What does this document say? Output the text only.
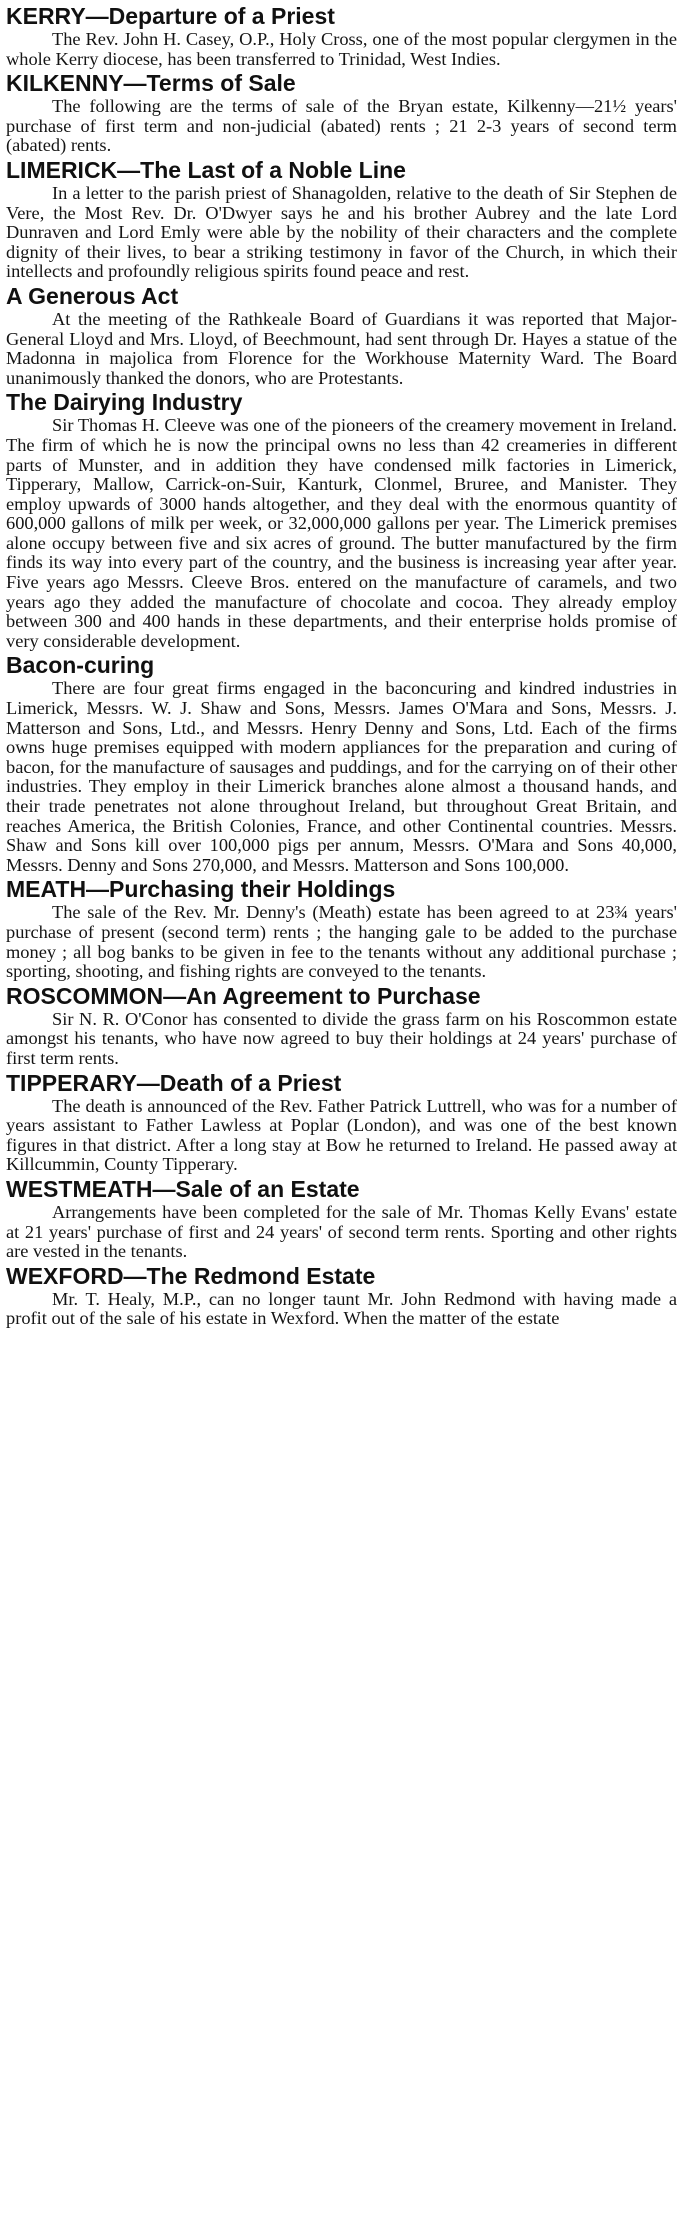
KERRY—Departure of a Priest

The Rev. John H. Casey, O.P., Holy Cross, one of the most popular clergymen in the whole Kerry diocese, has been transferred to Trinidad, West Indies.

KILKENNY—Terms of Sale

The following are the terms of sale of the Bryan estate, Kilkenny—21½ years' purchase of first term and non-judicial (abated) rents ; 21 2-3 years of second term (abated) rents.

LIMERICK—The Last of a Noble Line

In a letter to the parish priest of Shanagolden, relative to the death of Sir Stephen de Vere, the Most Rev. Dr. O'Dwyer says he and his brother Aubrey and the late Lord Dunraven and Lord Emly were able by the nobility of their characters and the complete dignity of their lives, to bear a striking testimony in favor of the Church, in which their intellects and profoundly religious spirits found peace and rest.

A Generous Act

At the meeting of the Rathkeale Board of Guardians it was reported that Major-General Lloyd and Mrs. Lloyd, of Beechmount, had sent through Dr. Hayes a statue of the Madonna in majolica from Florence for the Workhouse Maternity Ward. The Board unanimously thanked the donors, who are Protestants.

The Dairying Industry

Sir Thomas H. Cleeve was one of the pioneers of the creamery movement in Ireland. The firm of which he is now the principal owns no less than 42 creameries in different parts of Munster, and in addition they have condensed milk factories in Limerick, Tipperary, Mallow, Carrick-on-Suir, Kanturk, Clonmel, Bruree, and Manister. They employ upwards of 3000 hands altogether, and they deal with the enormous quantity of 600,000 gallons of milk per week, or 32,000,000 gallons per year. The Limerick premises alone occupy between five and six acres of ground. The butter manufactured by the firm finds its way into every part of the country, and the business is increasing year after year. Five years ago Messrs. Cleeve Bros. entered on the manufacture of caramels, and two years ago they added the manufacture of chocolate and cocoa. They already employ between 300 and 400 hands in these departments, and their enterprise holds promise of very considerable development.

Bacon-curing

There are four great firms engaged in the baconcuring and kindred industries in Limerick, Messrs. W. J. Shaw and Sons, Messrs. James O'Mara and Sons, Messrs. J. Matterson and Sons, Ltd., and Messrs. Henry Denny and Sons, Ltd. Each of the firms owns huge premises equipped with modern appliances for the preparation and curing of bacon, for the manufacture of sausages and puddings, and for the carrying on of their other industries. They employ in their Limerick branches alone almost a thousand hands, and their trade penetrates not alone throughout Ireland, but throughout Great Britain, and reaches America, the British Colonies, France, and other Continental countries. Messrs. Shaw and Sons kill over 100,000 pigs per annum, Messrs. O'Mara and Sons 40,000, Messrs. Denny and Sons 270,000, and Messrs. Matterson and Sons 100,000.

MEATH—Purchasing their Holdings

The sale of the Rev. Mr. Denny's (Meath) estate has been agreed to at 23¾ years' purchase of present (second term) rents ; the hanging gale to be added to the purchase money ; all bog banks to be given in fee to the tenants without any additional purchase ; sporting, shooting, and fishing rights are conveyed to the tenants.

ROSCOMMON—An Agreement to Purchase

Sir N. R. O'Conor has consented to divide the grass farm on his Roscommon estate amongst his tenants, who have now agreed to buy their holdings at 24 years' purchase of first term rents.

TIPPERARY—Death of a Priest

The death is announced of the Rev. Father Patrick Luttrell, who was for a number of years assistant to Father Lawless at Poplar (London), and was one of the best known figures in that district. After a long stay at Bow he returned to Ireland. He passed away at Killcummin, County Tipperary.

WESTMEATH—Sale of an Estate

Arrangements have been completed for the sale of Mr. Thomas Kelly Evans' estate at 21 years' purchase of first and 24 years' of second term rents. Sporting and other rights are vested in the tenants.

WEXFORD—The Redmond Estate

Mr. T. Healy, M.P., can no longer taunt Mr. John Redmond with having made a profit out of the sale of his estate in Wexford. When the matter of the estate
